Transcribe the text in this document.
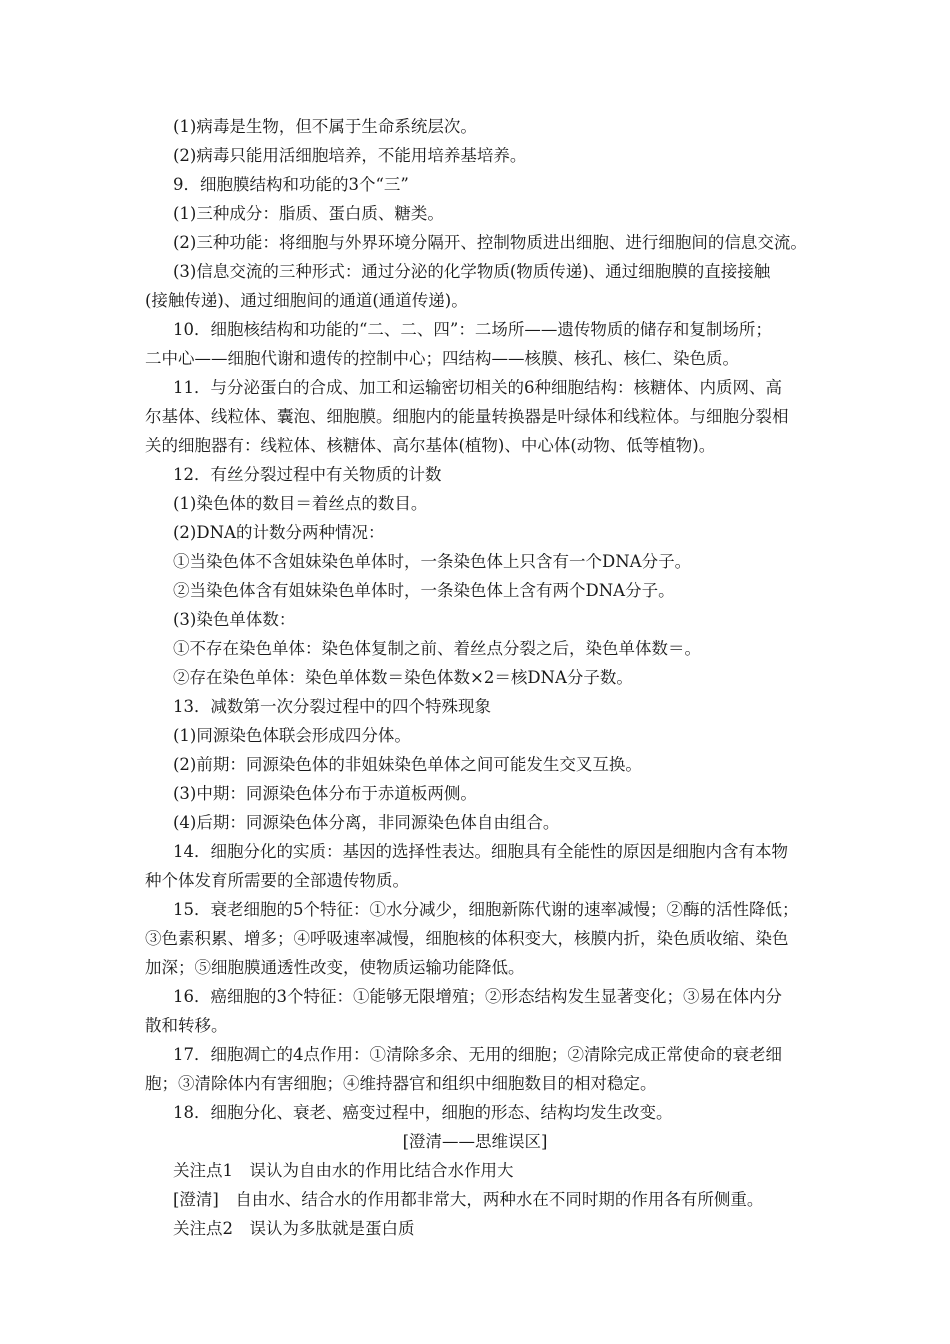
(1)病毒是生物，但不属于生命系统层次。

(2)病毒只能用活细胞培养，不能用培养基培养。

9．细胞膜结构和功能的3个“三”

(1)三种成分：脂质、蛋白质、糖类。

(2)三种功能：将细胞与外界环境分隔开、控制物质进出细胞、进行细胞间的信息交流。

(3)信息交流的三种形式：通过分泌的化学物质(物质传递)、通过细胞膜的直接接触

(接触传递)、通过细胞间的通道(通道传递)。

10．细胞核结构和功能的“二、二、四”：二场所——遗传物质的储存和复制场所；

二中心——细胞代谢和遗传的控制中心；四结构——核膜、核孔、核仁、染色质。

11．与分泌蛋白的合成、加工和运输密切相关的6种细胞结构：核糖体、内质网、高

尔基体、线粒体、囊泡、细胞膜。细胞内的能量转换器是叶绿体和线粒体。与细胞分裂相

关的细胞器有：线粒体、核糖体、高尔基体(植物)、中心体(动物、低等植物)。

12．有丝分裂过程中有关物质的计数

(1)染色体的数目＝着丝点的数目。

(2)DNA的计数分两种情况：

①当染色体不含姐妹染色单体时，一条染色体上只含有一个DNA分子。

②当染色体含有姐妹染色单体时，一条染色体上含有两个DNA分子。

(3)染色单体数：

①不存在染色单体：染色体复制之前、着丝点分裂之后，染色单体数＝。

②存在染色单体：染色单体数＝染色体数×2＝核DNA分子数。

13．减数第一次分裂过程中的四个特殊现象

(1)同源染色体联会形成四分体。

(2)前期：同源染色体的非姐妹染色单体之间可能发生交叉互换。

(3)中期：同源染色体分布于赤道板两侧。

(4)后期：同源染色体分离，非同源染色体自由组合。

14．细胞分化的实质：基因的选择性表达。细胞具有全能性的原因是细胞内含有本物

种个体发育所需要的全部遗传物质。

15．衰老细胞的5个特征：①水分减少，细胞新陈代谢的速率减慢；②酶的活性降低；

③色素积累、增多；④呼吸速率减慢，细胞核的体积变大，核膜内折，染色质收缩、染色

加深；⑤细胞膜通透性改变，使物质运输功能降低。

16．癌细胞的3个特征：①能够无限增殖；②形态结构发生显著变化；③易在体内分

散和转移。

17．细胞凋亡的4点作用：①清除多余、无用的细胞；②清除完成正常使命的衰老细

胞；③清除体内有害细胞；④维持器官和组织中细胞数目的相对稳定。

18．细胞分化、衰老、癌变过程中，细胞的形态、结构均发生改变。

[澄清——思维误区]

关注点1　误认为自由水的作用比结合水作用大

[澄清]　自由水、结合水的作用都非常大，两种水在不同时期的作用各有所侧重。

关注点2　误认为多肽就是蛋白质
